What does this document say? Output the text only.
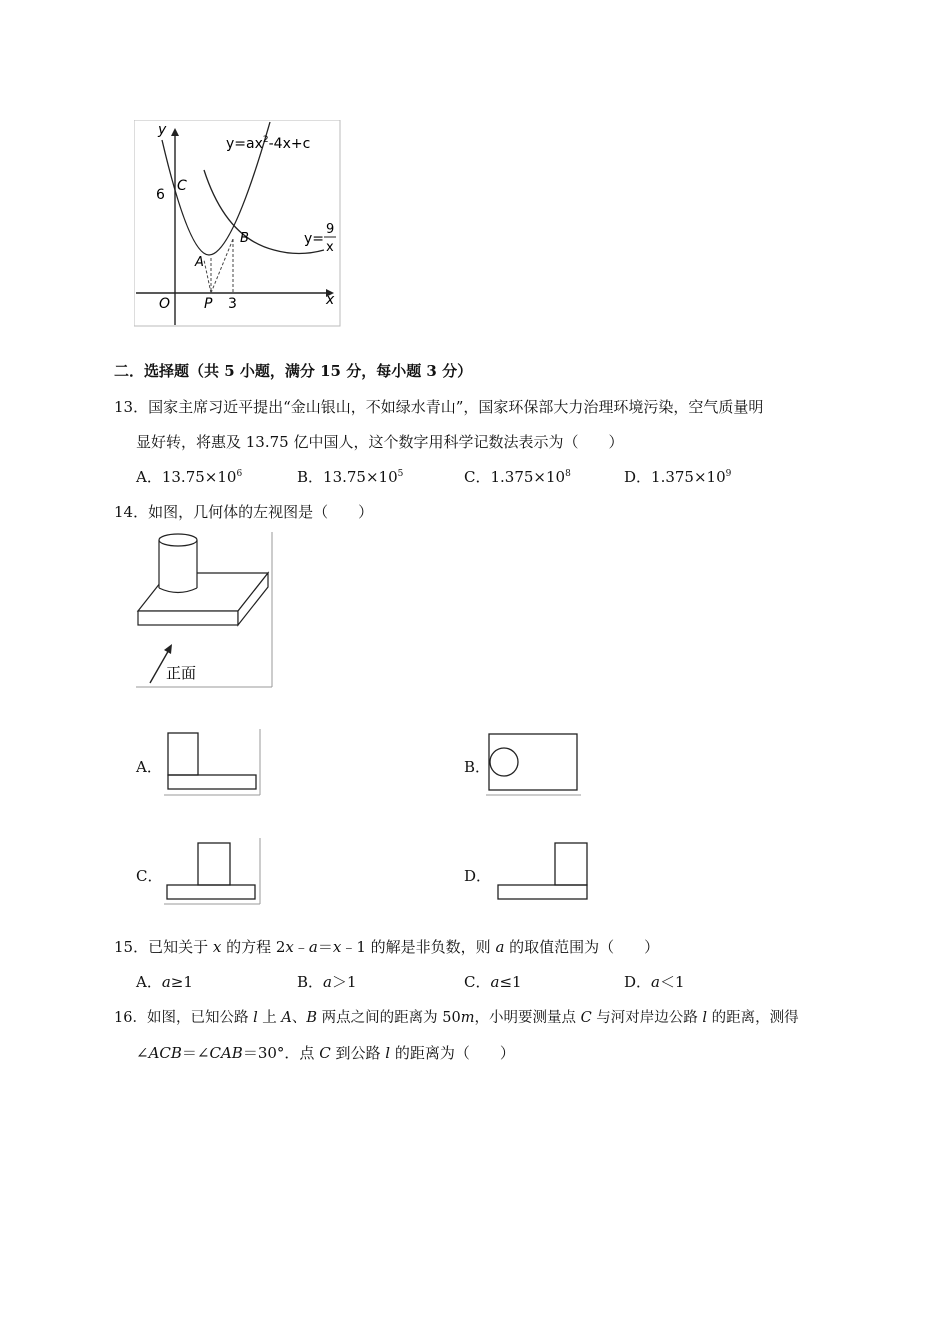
y
x
O
6
C
A
B
P 3
$y=ax^2-4x+c$
y=
9
x
二．选择题（共 5 小题，满分 15 分，每小题 3 分）
13．国家主席习近平提出“金山银山，不如绿水青山”，国家环保部大力治理环境污染，空气质量明
显好转，将惠及 13.75 亿中国人，这个数字用科学记数法表示为（　　）
A．$13.75\times 10^6$	B．$13.75\times 10^5$	C．$1.375\times 10^8$	D．$1.375\times 10^9$
14．如图，几何体的左视图是（　　）
正面
A．	B．
C．	D．
15．已知关于 x 的方程 2x﹣a＝x﹣1 的解是非负数，则 a 的取值范围为（　　）
A．a≥1	B．a＞1	C．a≤1	D．a＜1
16．如图，已知公路 l 上 A、B 两点之间的距离为 50m，小明要测量点 C 与河对岸边公路 l 的距离，测得
∠ACB＝∠CAB＝30°．点 C 到公路 l 的距离为（　　）
